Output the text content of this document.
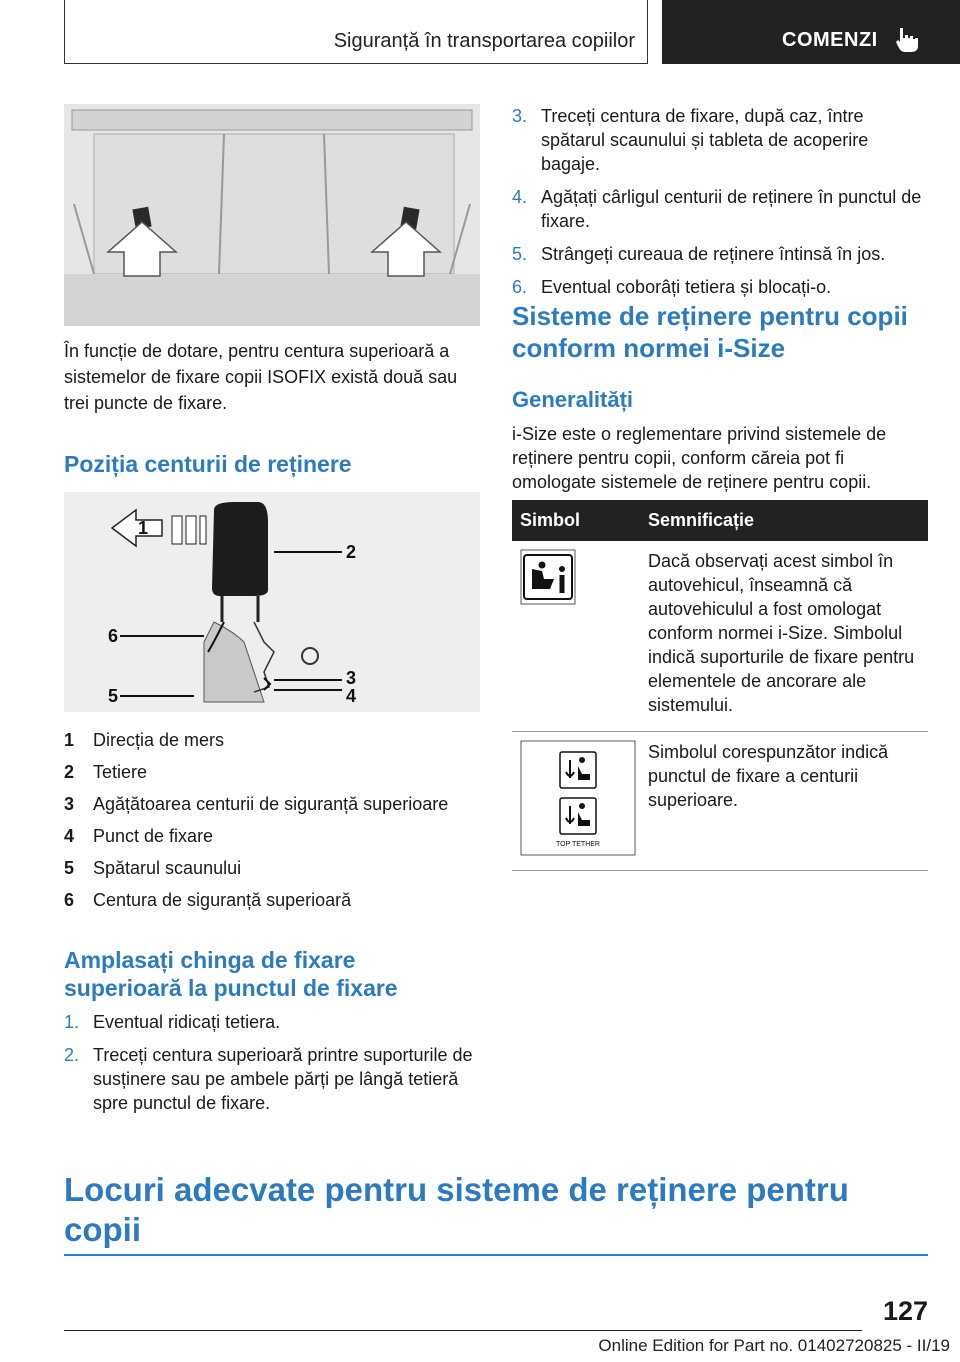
Siguranță în transportarea copiilor	COMENZI
În funcție de dotare, pentru centura superioară a sistemelor de fixare copii ISOFIX există două sau trei puncte de fixare.
Poziția centurii de reținere
1
2
3
4
5
6
1	Direcția de mers
2	Tetiere
3	Agățătoarea centurii de siguranță superioare
4	Punct de fixare
5	Spătarul scaunului
6	Centura de siguranță superioară
Amplasați chinga de fixare
superioară la punctul de fixare
1. Eventual ridicați tetiera.
2. Treceți centura superioară printre suporturile de susținere sau pe ambele părți pe lângă tetieră spre punctul de fixare.
3. Treceți centura de fixare, după caz, între spătarul scaunului și tableta de acoperire bagaje.
4. Agățați cârligul centurii de reținere în punctul de fixare.
5. Strângeți cureaua de reținere întinsă în jos.
6. Eventual coborâți tetiera și blocați-o.
Sisteme de reținere pentru copii
conform normei i-Size
Generalități
i-Size este o reglementare privind sistemele de reținere pentru copii, conform căreia pot fi omologate sistemele de reținere pentru copii.
Simbol	Semnificație
	Dacă observați acest simbol în autovehicul, înseamnă că autovehiculul a fost omologat conform normei i-Size. Simbolul indică suporturile de fixare pentru elementele de ancorare ale sistemului.

TOP TETHER	Simbolul corespunzător indică punctul de fixare a centurii superioare.
Locuri adecvate pentru sisteme de reținere pentru copii
127
Online Edition for Part no. 01402720825 - II/19
